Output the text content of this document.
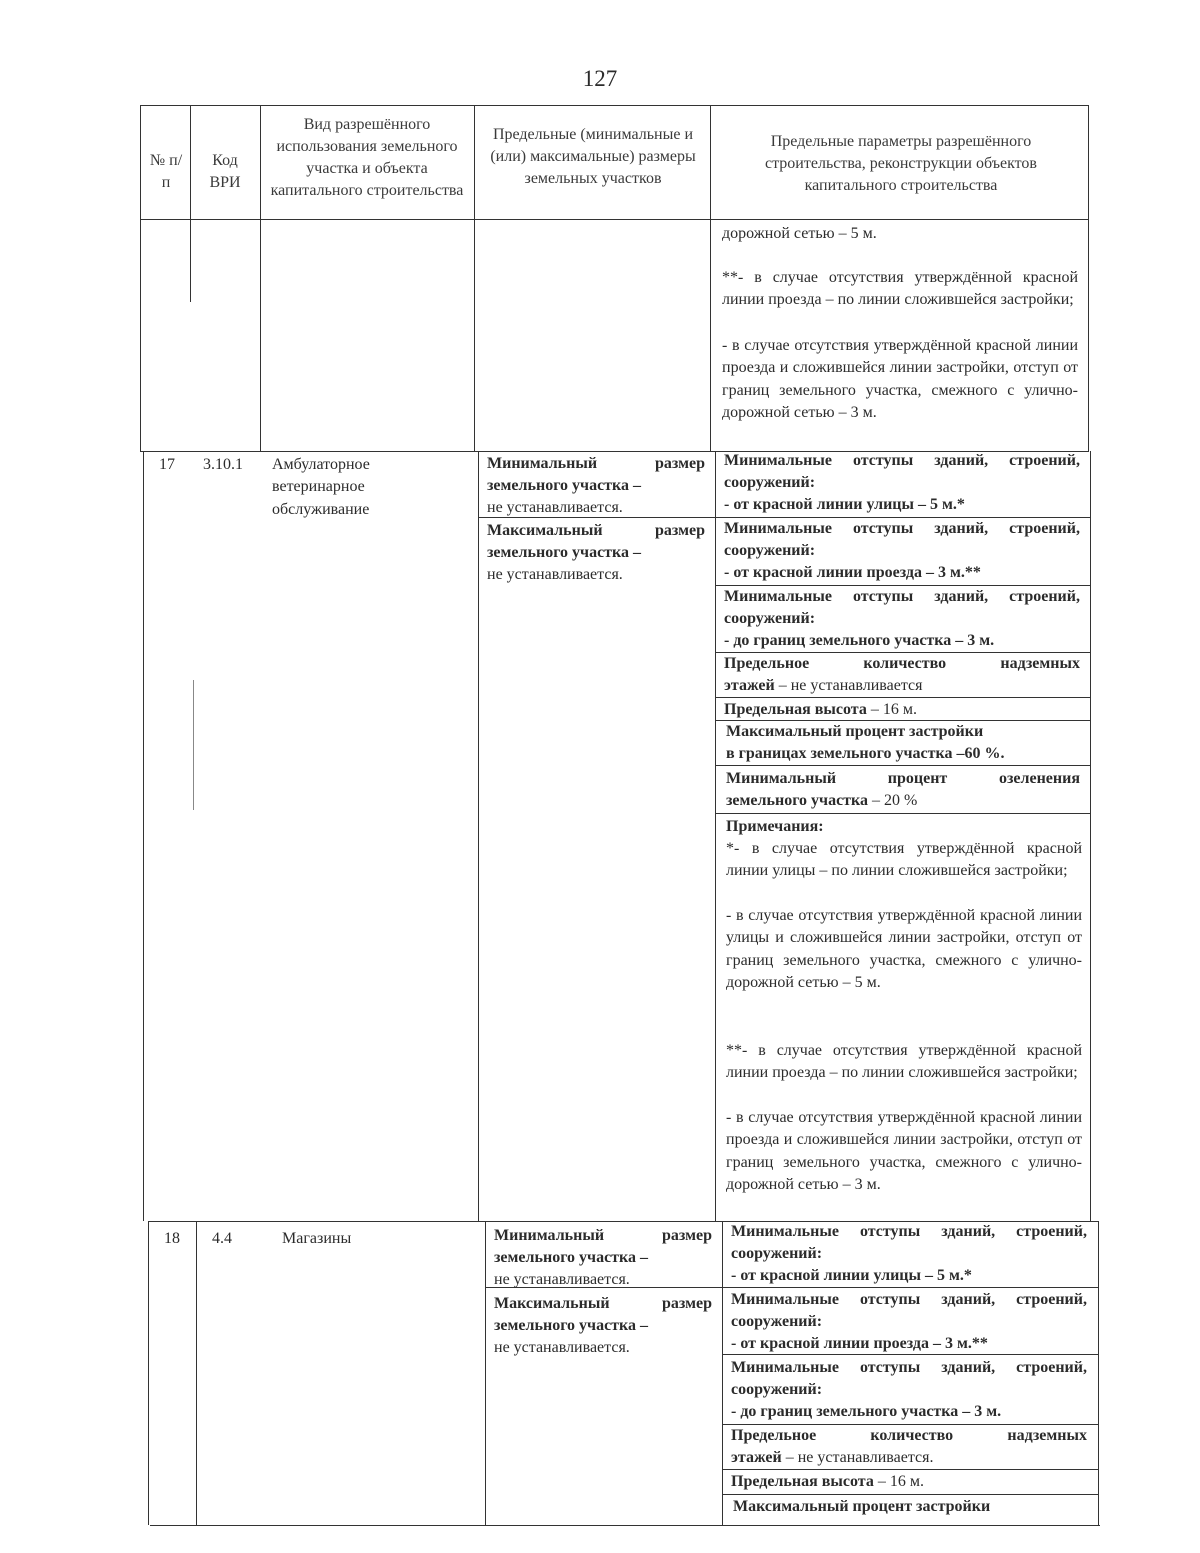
127
№ п/п
Код ВРИ
Вид разрешённого использования земельного участка и объекта капитального строительства
Предельные (минимальные и (или) максимальные) размеры земельных участков
Предельные параметры разрешённого строительства, реконструкции объектов капитального строительства
дорожной сетью – 5 м.
**- в случае отсутствия утверждённой красной линии проезда – по линии сложившейся застройки;
- в случае отсутствия утверждённой красной линии проезда и сложившейся линии застройки, отступ от границ земельного участка, смежного с улично-дорожной сетью – 3 м.
17 3.10.1 Амбулаторное ветеринарное обслуживание
Минимальный размер земельного участка –
не устанавливается.
Максимальный размер земельного участка –
не устанавливается.
Минимальные отступы зданий, строений, сооружений:
- от красной линии улицы – 5 м.*
Минимальные отступы зданий, строений, сооружений:
- от красной линии проезда – 3 м.**
Минимальные отступы зданий, строений, сооружений:
- до границ земельного участка – 3 м.
Предельное количество надземных
этажей – не устанавливается
Предельная высота – 16 м.
Максимальный процент застройки
в границах земельного участка –60 %.
Минимальный процент озеленения
земельного участка – 20 %
Примечания:
*- в случае отсутствия утверждённой красной линии улицы – по линии сложившейся застройки;
- в случае отсутствия утверждённой красной линии улицы и сложившейся линии застройки, отступ от границ земельного участка, смежного с улично-дорожной сетью – 5 м.
**- в случае отсутствия утверждённой красной линии проезда – по линии сложившейся застройки;
- в случае отсутствия утверждённой красной линии проезда и сложившейся линии застройки, отступ от границ земельного участка, смежного с улично-дорожной сетью – 3 м.
18 4.4	Магазины	Минимальный размер земельного участка –
не устанавливается.
Максимальный размер земельного участка –
не устанавливается.
Минимальные отступы зданий, строений, сооружений:
- от красной линии улицы – 5 м.*
Минимальные отступы зданий, строений, сооружений:
- от красной линии проезда – 3 м.**
Минимальные отступы зданий, строений, сооружений:
- до границ земельного участка – 3 м.
Предельное количество надземных
этажей – не устанавливается.
Предельная высота – 16 м.
Максимальный процент застройки
